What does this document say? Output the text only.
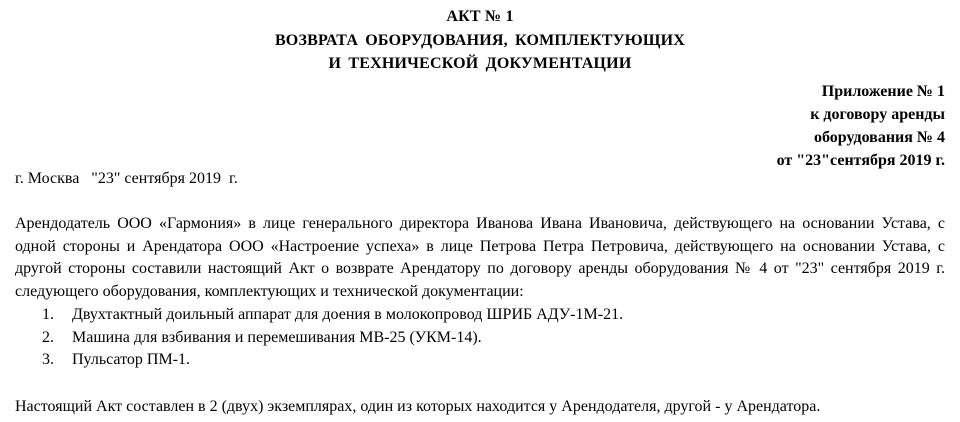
АКТ № 1
ВОЗВРАТА ОБОРУДОВАНИЯ, КОМПЛЕКТУЮЩИХ
И ТЕХНИЧЕСКОЙ ДОКУМЕНТАЦИИ
Приложение № 1
к договору аренды
оборудования № 4
от "23"сентября 2019 г.
г. Москва   "23" сентября 2019  г.
Арендодатель ООО «Гармония» в лице генерального директора Иванова Ивана Ивановича, действующего на основании Устава, с одной стороны и Арендатора ООО «Настроение успеха» в лице Петрова Петра Петровича, действующего на основании Устава, с другой стороны составили настоящий Акт о возврате Арендатору по договору аренды оборудования № 4 от "23" сентября 2019 г. следующего оборудования, комплектующих и технической документации:
1. Двухтактный доильный аппарат для доения в молокопровод ШРИБ АДУ-1М-21.
2. Машина для взбивания и перемешивания МВ-25 (УКМ-14).
3. Пульсатор ПМ-1.
Настоящий Акт составлен в 2 (двух) экземплярах, один из которых находится у Арендодателя, другой - у Арендатора.
